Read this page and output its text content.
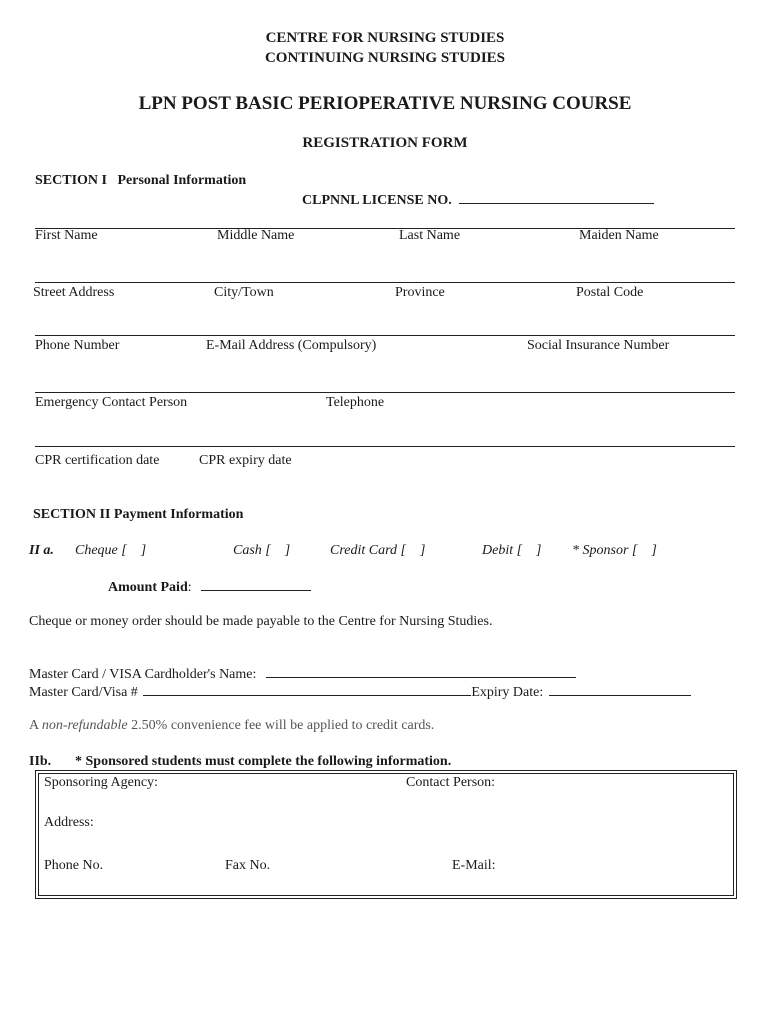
CENTRE FOR NURSING STUDIES
CONTINUING NURSING STUDIES
LPN POST BASIC PERIOPERATIVE NURSING COURSE
REGISTRATION FORM
SECTION I   Personal Information
CLPNNL LICENSE NO.
First Name	Middle Name	Last Name	Maiden Name
Street Address	City/Town	Province	Postal Code
Phone Number	E-Mail Address (Compulsory)	Social Insurance Number
Emergency Contact Person	Telephone
CPR certification date	CPR expiry date
SECTION II Payment Information
II a. Cheque [    ]	Cash [    ]	Credit Card [    ]	Debit [    ] * Sponsor [    ]
Amount Paid:
Cheque or money order should be made payable to the Centre for Nursing Studies.
Master Card / VISA Cardholder's Name:
Master Card/Visa #	Expiry Date:
A non-refundable 2.50% convenience fee will be applied to credit cards.
IIb. * Sponsored students must complete the following information.
Sponsoring Agency:	Contact Person:
Address:
Phone No.	Fax No.	E-Mail:
